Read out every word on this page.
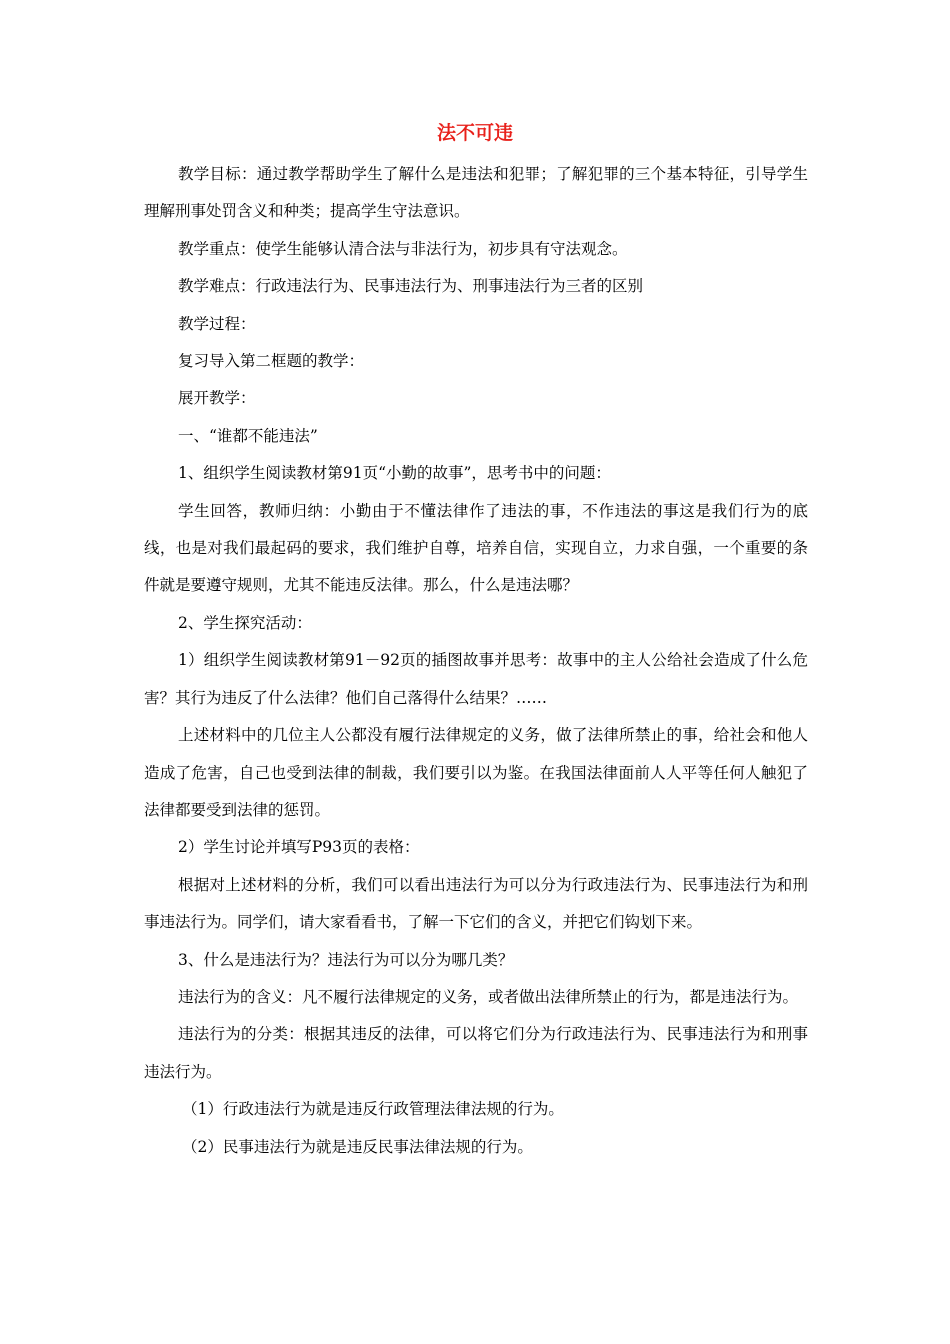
法不可违

教学目标：通过教学帮助学生了解什么是违法和犯罪；了解犯罪的三个基本特征，引导学生理解刑事处罚含义和种类；提高学生守法意识。

教学重点：使学生能够认清合法与非法行为，初步具有守法观念。

教学难点：行政违法行为、民事违法行为、刑事违法行为三者的区别

教学过程：

复习导入第二框题的教学：

展开教学：

一、“谁都不能违法”

1、组织学生阅读教材第91页“小勤的故事”，思考书中的问题：

学生回答，教师归纳：小勤由于不懂法律作了违法的事，不作违法的事这是我们行为的底线，也是对我们最起码的要求，我们维护自尊，培养自信，实现自立，力求自强，一个重要的条件就是要遵守规则，尤其不能违反法律。那么，什么是违法哪？

2、学生探究活动：

1）组织学生阅读教材第91－92页的插图故事并思考：故事中的主人公给社会造成了什么危害？其行为违反了什么法律？他们自己落得什么结果？……

上述材料中的几位主人公都没有履行法律规定的义务，做了法律所禁止的事，给社会和他人造成了危害，自己也受到法律的制裁，我们要引以为鉴。在我国法律面前人人平等任何人触犯了法律都要受到法律的惩罚。

2）学生讨论并填写P93页的表格：

根据对上述材料的分析，我们可以看出违法行为可以分为行政违法行为、民事违法行为和刑事违法行为。同学们，请大家看看书，了解一下它们的含义，并把它们钩划下来。

3、什么是违法行为？违法行为可以分为哪几类？

违法行为的含义：凡不履行法律规定的义务，或者做出法律所禁止的行为，都是违法行为。

违法行为的分类：根据其违反的法律，可以将它们分为行政违法行为、民事违法行为和刑事违法行为。

（1）行政违法行为就是违反行政管理法律法规的行为。

（2）民事违法行为就是违反民事法律法规的行为。
